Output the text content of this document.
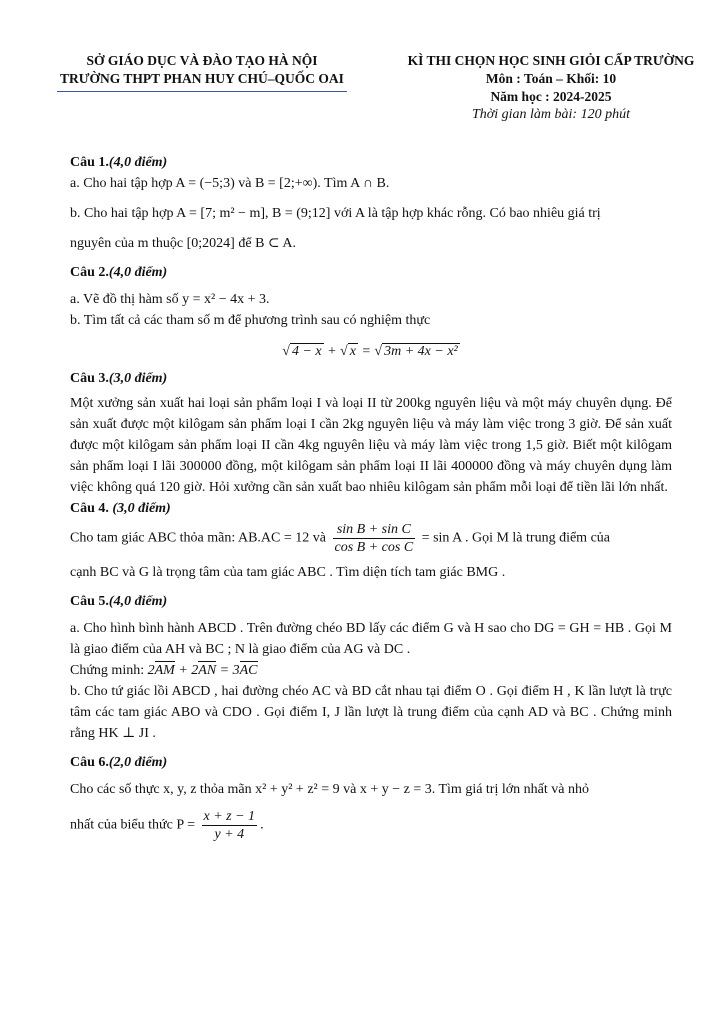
SỞ GIÁO DỤC VÀ ĐÀO TẠO HÀ NỘI
TRƯỜNG THPT PHAN HUY CHÚ–QUỐC OAI
KÌ THI CHỌN HỌC SINH GIỎI CẤP TRƯỜNG
Môn : Toán – Khối: 10
Năm học : 2024-2025
Thời gian làm bài: 120 phút
Câu 1.(4,0 điểm)

a. Cho hai tập hợp A = (−5;3) và B = [2;+∞). Tìm A ∩ B.

b. Cho hai tập hợp A = [7; m² − m], B = (9;12] với A là tập hợp khác rỗng. Có bao nhiêu giá trị

nguyên của m thuộc [0;2024] để B ⊂ A.

Câu 2.(4,0 điểm)

a. Vẽ đồ thị hàm số y = x² − 4x + 3.

b. Tìm tất cả các tham số m để phương trình sau có nghiệm thực

√ 4 − x + √ x = √ 3m + 4x − x²
Câu 3.(3,0 điểm)

Một xưởng sản xuất hai loại sản phẩm loại I và loại II từ 200kg nguyên liệu và một máy chuyên dụng. Để sản xuất được một kilôgam sản phẩm loại I cần 2kg nguyên liệu và máy làm việc trong 3 giờ. Để sản xuất được một kilôgam sản phẩm loại II cần 4kg nguyên liệu và máy làm việc trong 1,5 giờ. Biết một kilôgam sản phẩm loại I lãi 300000 đồng, một kilôgam sản phẩm loại II lãi 400000 đồng và máy chuyên dụng làm việc không quá 120 giờ. Hỏi xưởng cần sản xuất bao nhiêu kilôgam sản phẩm mỗi loại để tiền lãi lớn nhất.

Câu 4. (3,0 điểm)

Cho tam giác ABC thỏa mãn: AB.AC = 12 và $\frac{\text{sin B + sin C}}{\text{cos B + cos C}} = \sin A$ . Gọi M là trung điểm của

cạnh BC và G là trọng tâm của tam giác ABC . Tìm diện tích tam giác BMG .

Câu 5.(4,0 điểm)

a. Cho hình bình hành ABCD . Trên đường chéo BD lấy các điểm G và H sao cho DG = GH = HB . Gọi M là giao điểm của AH và BC ; N là giao điểm của AG và DC .

Chứng minh: 2AM + 2AN = 3AC

b. Cho tứ giác lồi ABCD , hai đường chéo AC và BD cắt nhau tại điểm O . Gọi điểm H , K lần lượt là trực tâm các tam giác ABO và CDO . Gọi điểm I, J lần lượt là trung điểm của cạnh AD và BC . Chứng minh rằng HK ⊥ JI .

Câu 6.(2,0 điểm)

Cho các số thực x, y, z thỏa mãn x² + y² + z² = 9 và x + y − z = 3. Tìm giá trị lớn nhất và nhỏ

nhất của biểu thức $P = \frac{x + z - 1}{y + 4}$ .
